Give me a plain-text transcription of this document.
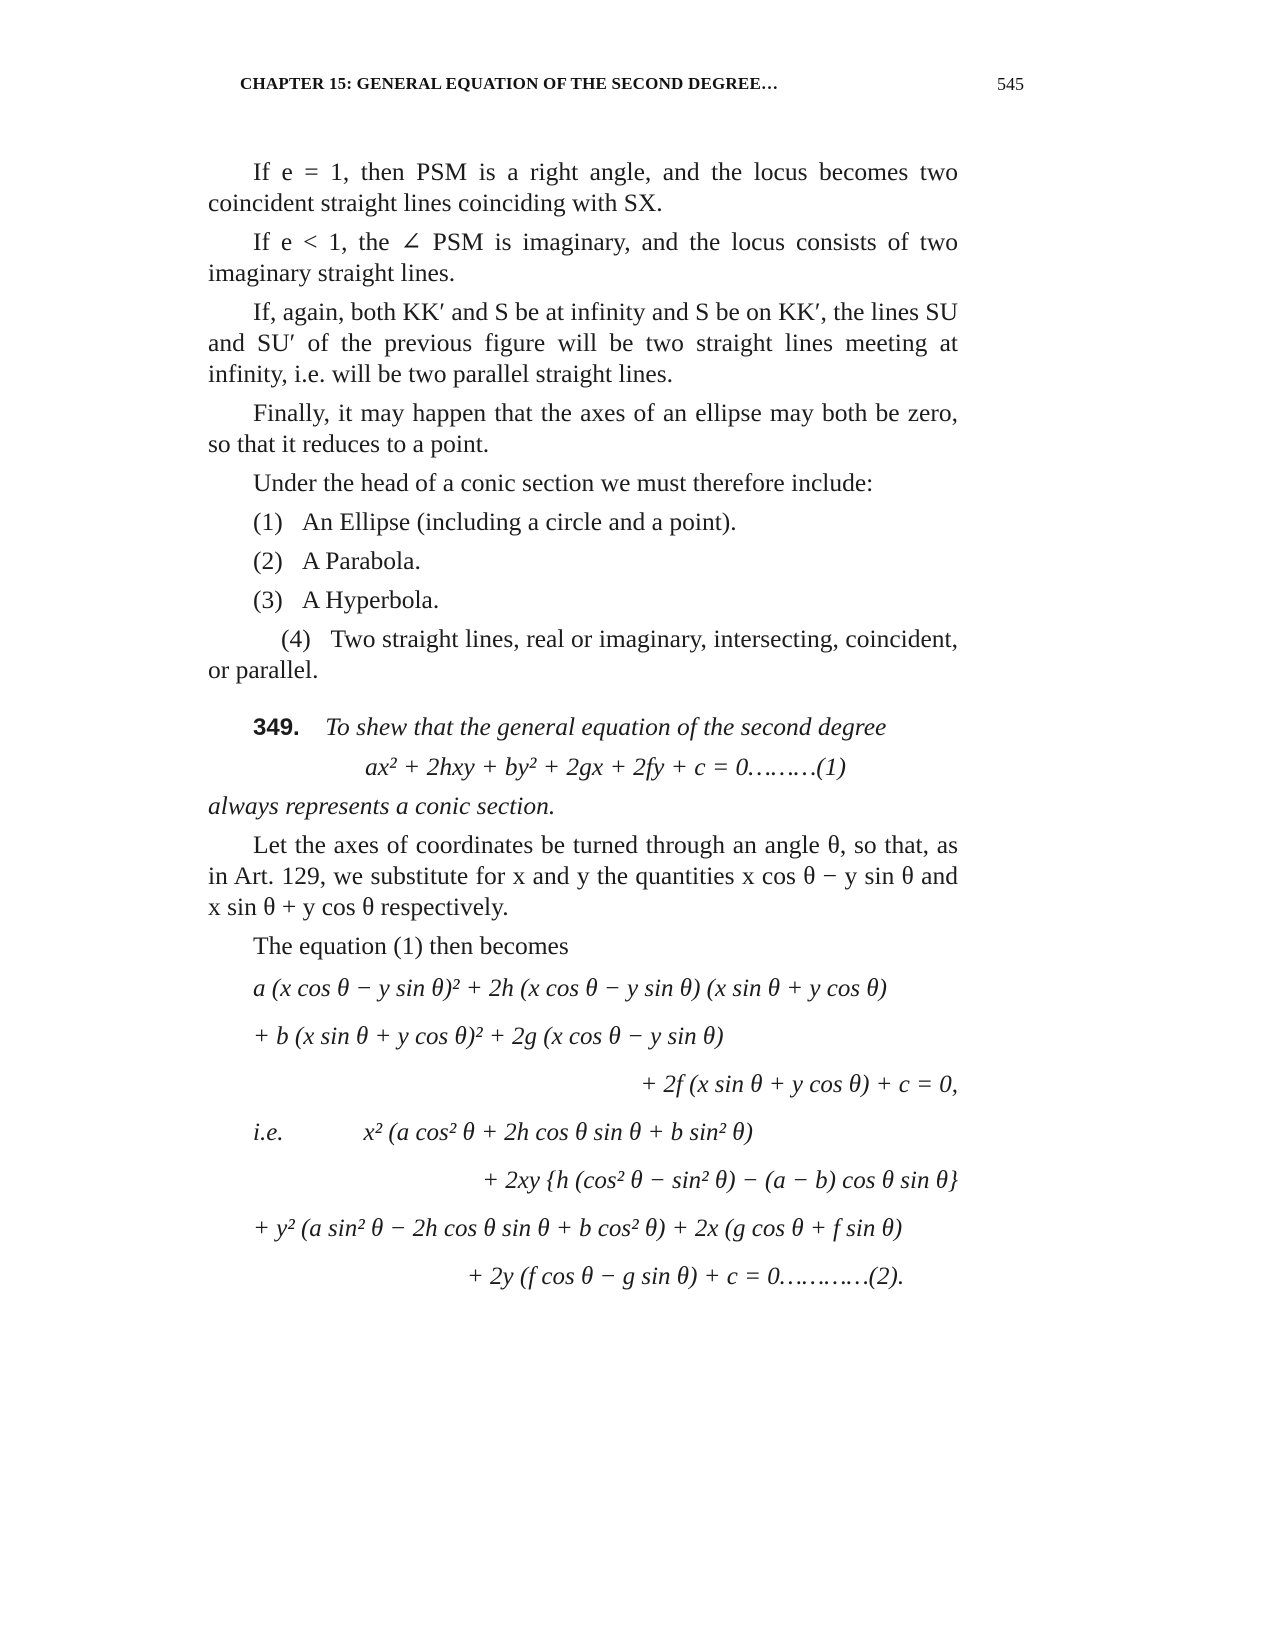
CHAPTER 15: GENERAL EQUATION OF THE SECOND DEGREE…	545

If e = 1, then PSM is a right angle, and the locus becomes two coincident straight lines coinciding with SX.

If e < 1, the ∠ PSM is imaginary, and the locus consists of two imaginary straight lines.

If, again, both KK′ and S be at infinity and S be on KK′, the lines SU and SU′ of the previous figure will be two straight lines meeting at infinity, i.e. will be two parallel straight lines.

Finally, it may happen that the axes of an ellipse may both be zero, so that it reduces to a point.

Under the head of a conic section we must therefore include:

(1) An Ellipse (including a circle and a point).

(2) A Parabola.

(3) A Hyperbola.

(4) Two straight lines, real or imaginary, intersecting, coincident, or parallel.

349. To shew that the general equation of the second degree

ax² + 2hxy + by² + 2gx + 2fy + c = 0………(1)

always represents a conic section.

Let the axes of coordinates be turned through an angle θ, so that, as in Art. 129, we substitute for x and y the quantities x cos θ − y sin θ and x sin θ + y cos θ respectively.

The equation (1) then becomes

a (x cos θ − y sin θ)² + 2h (x cos θ − y sin θ) (x sin θ + y cos θ)

+ b (x sin θ + y cos θ)² + 2g (x cos θ − y sin θ)

+ 2f (x sin θ + y cos θ) + c = 0,

i.e.	x² (a cos² θ + 2h cos θ sin θ + b sin² θ)

+ 2xy {h (cos² θ − sin² θ) − (a − b) cos θ sin θ}

+ y² (a sin² θ − 2h cos θ sin θ + b cos² θ) + 2x (g cos θ + f sin θ)

+ 2y (f cos θ − g sin θ) + c = 0…………(2).
